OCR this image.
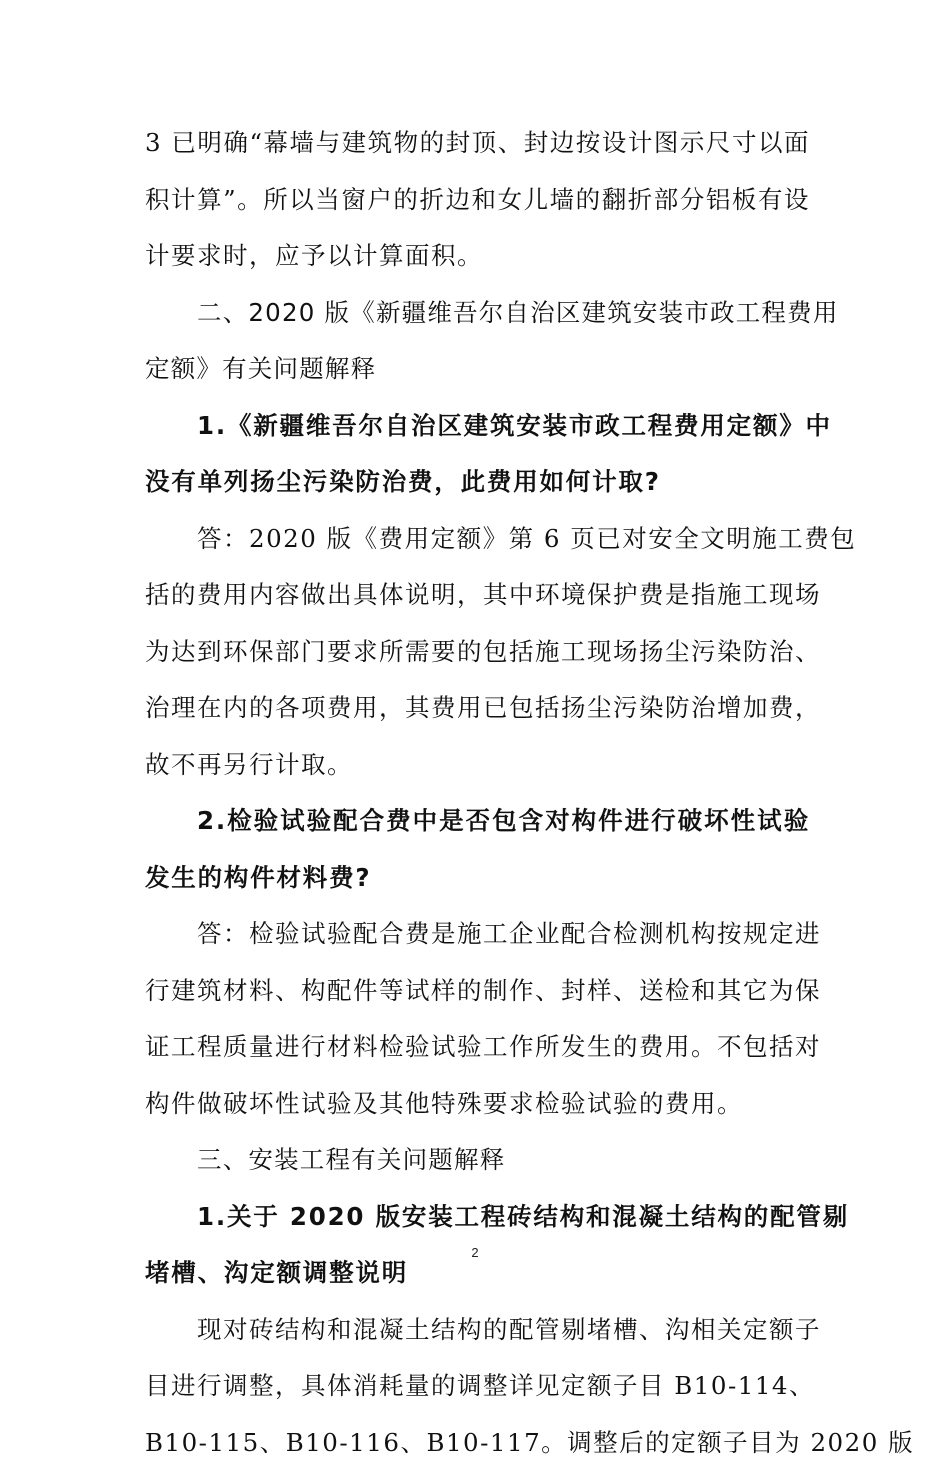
3 已明确“幕墙与建筑物的封顶、封边按设计图示尺寸以面
积计算”。所以当窗户的折边和女儿墙的翻折部分铝板有设
计要求时，应予以计算面积。
二、2020 版《新疆维吾尔自治区建筑安装市政工程费用
定额》有关问题解释
1.《新疆维吾尔自治区建筑安装市政工程费用定额》中
没有单列扬尘污染防治费，此费用如何计取?
答：2020 版《费用定额》第 6 页已对安全文明施工费包
括的费用内容做出具体说明，其中环境保护费是指施工现场
为达到环保部门要求所需要的包括施工现场扬尘污染防治、
治理在内的各项费用，其费用已包括扬尘污染防治增加费，
故不再另行计取。
2.检验试验配合费中是否包含对构件进行破坏性试验
发生的构件材料费?
答：检验试验配合费是施工企业配合检测机构按规定进
行建筑材料、构配件等试样的制作、封样、送检和其它为保
证工程质量进行材料检验试验工作所发生的费用。不包括对
构件做破坏性试验及其他特殊要求检验试验的费用。
三、安装工程有关问题解释
1.关于 2020 版安装工程砖结构和混凝土结构的配管剔
堵槽、沟定额调整说明
现对砖结构和混凝土结构的配管剔堵槽、沟相关定额子
目进行调整，具体消耗量的调整详见定额子目 B10-114、
B10-115、B10-116、B10-117。调整后的定额子目为 2020 版
2
